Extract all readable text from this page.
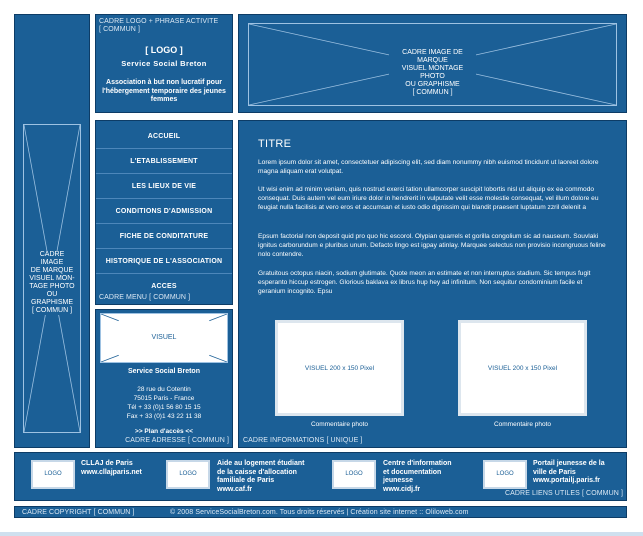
CADRE IMAGE
DE MARQUE
VISUEL MON-
TAGE PHOTO
OU GRAPHISME
[ COMMUN ]
CADRE LOGO + PHRASE ACTIVITE
[ COMMUN ]
[ LOGO ]
Service Social Breton
Association à but non lucratif pour l'hébergement temporaire des jeunes femmes
CADRE IMAGE DE MARQUE
VISUEL MONTAGE PHOTO
OU GRAPHISME
[ COMMUN ]
ACCUEIL
L'ETABLISSEMENT
LES LIEUX DE VIE
CONDITIONS D'ADMISSION
FICHE DE CONDITATURE
HISTORIQUE DE L'ASSOCIATION
ACCES
CADRE MENU [ COMMUN ]
VISUEL
Service Social Breton
28 rue du Cotentin
75015 Paris - France
Tél + 33 (0)1 56 80 15 15
Fax + 33 (0)1 43 22 11 38
>> Plan d'accès <<
CADRE ADRESSE [ COMMUN ]
TITRE
Lorem ipsum dolor sit amet, consectetuer adipiscing elit, sed diam nonummy nibh euismod tincidunt ut laoreet dolore magna aliquam erat volutpat.
Ut wisi enim ad minim veniam, quis nostrud exerci tation ullamcorper suscipit lobortis nisl ut aliquip ex ea commodo consequat. Duis autem vel eum iriure dolor in hendrerit in vulputate velit esse molestie consequat, vel illum dolore eu feugiat nulla facilisis at vero eros et accumsan et iusto odio dignissim qui blandit praesent luptatum zzril delenit a
Epsum factorial non deposit quid pro quo hic escorol. Olypian quarrels et gorilla congolium sic ad nauseum. Souvlaki ignitus carborundum e pluribus unum. Defacto lingo est igpay atinlay. Marquee selectus non provisio incongruous feline nolo contendre.
Gratuitous octopus niacin, sodium glutimate. Quote meon an estimate et non interruptus stadium. Sic tempus fugit esperanto hiccup estrogen. Glorious baklava ex librus hup hey ad infinitum. Non sequitur condominium facile et geranium incognito. Epsu
VISUEL 200 x 150 Pixel
Commentaire photo
VISUEL 200 x 150 Pixel
Commentaire photo
CADRE INFORMATIONS [ UNIQUE ]
LOGO
CLLAJ de Paris
www.cllajparis.net	LOGO
Aide au logement étudiant
de la caisse d'allocation
familiale de Paris
www.caf.fr
LOGO
Centre d'information
et documentation
jeunesse
www.cidj.fr
LOGO
Portail jeunesse de la
ville de Paris
www.portailj.paris.fr
CADRE LIENS UTILES [ COMMUN ]
CADRE COPYRIGHT [ COMMUN ]	© 2008 ServiceSocialBreton.com. Tous droits réservés | Création site internet :: Oliloweb.com
